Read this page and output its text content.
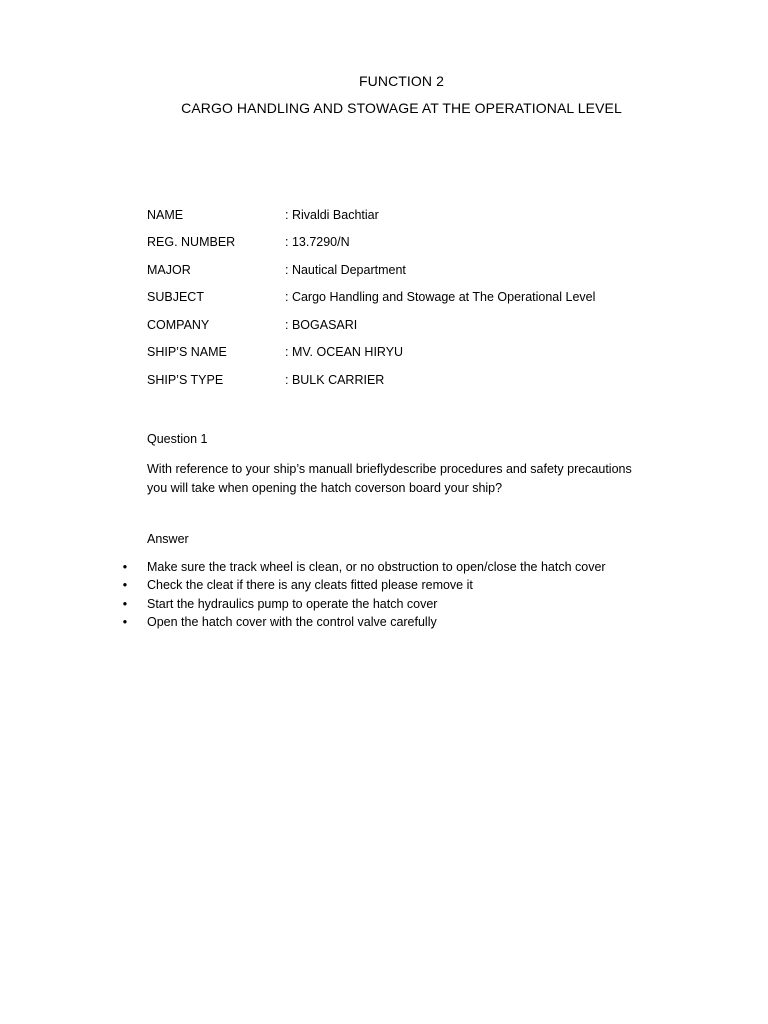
FUNCTION 2
CARGO HANDLING AND STOWAGE AT THE OPERATIONAL LEVEL
NAME	: Rivaldi Bachtiar
REG. NUMBER	: 13.7290/N
MAJOR	: Nautical Department
SUBJECT	: Cargo Handling and Stowage at The Operational Level
COMPANY	: BOGASARI
SHIP’S NAME	: MV. OCEAN HIRYU
SHIP’S TYPE	: BULK CARRIER
Question 1
With reference to your ship’s manuall brieflydescribe procedures and safety precautions
you will take when opening the hatch coverson board your ship?
Answer
• Make sure the track wheel is clean, or no obstruction to open/close the hatch cover
• Check the cleat if there is any cleats fitted please remove it
• Start the hydraulics pump to operate the hatch cover
• Open the hatch cover with the control valve carefully
